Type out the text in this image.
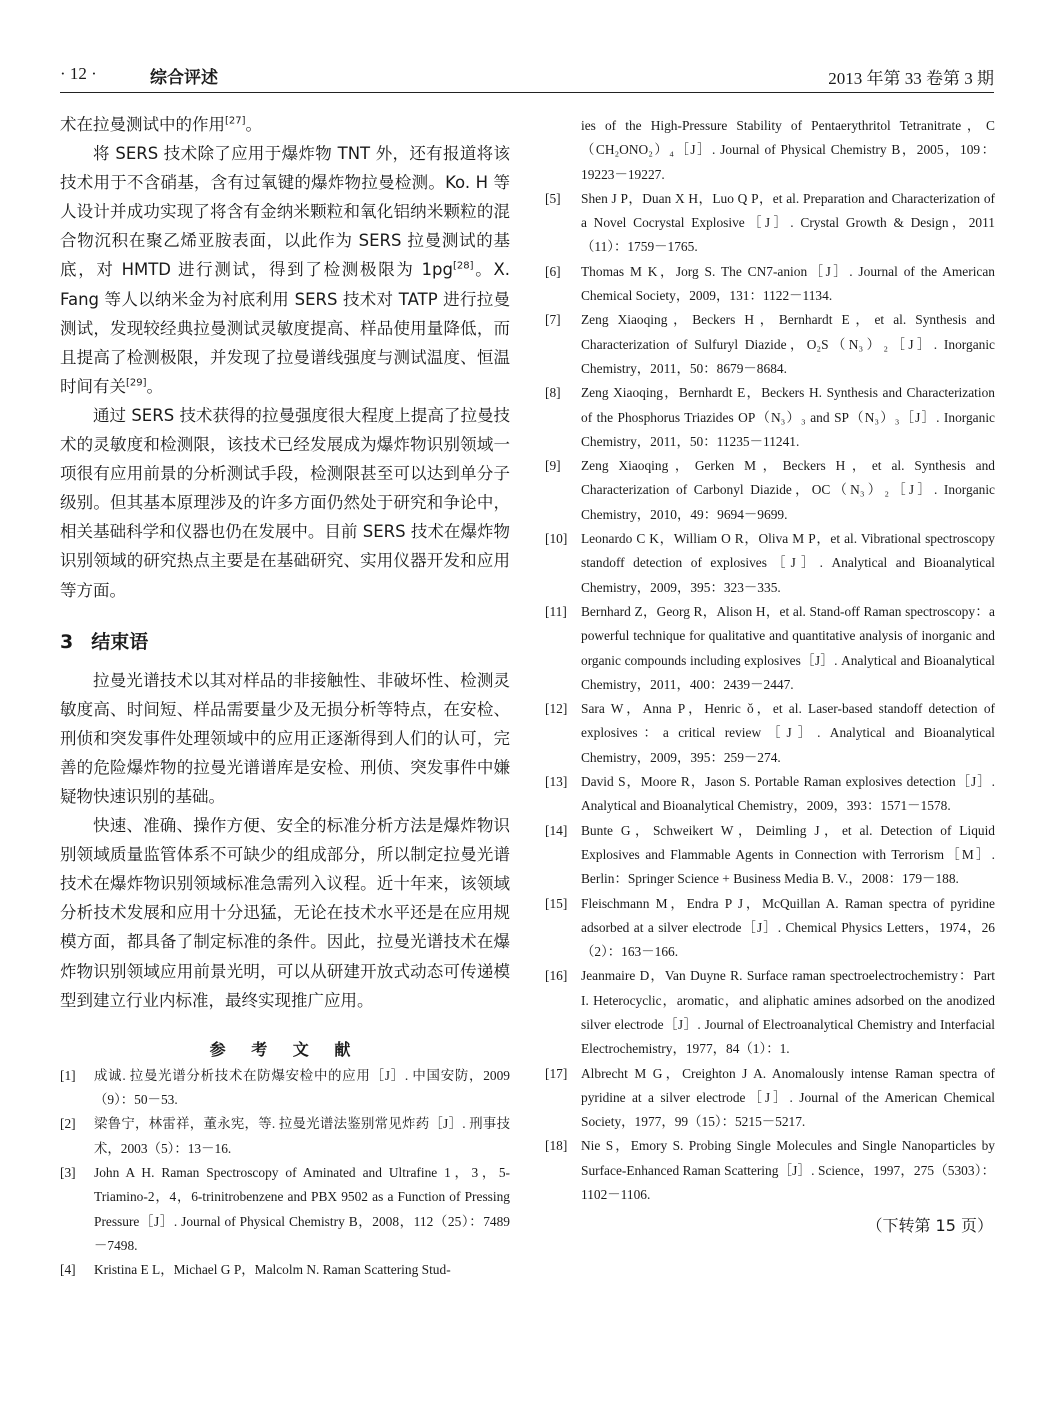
· 12 ·	综合评述	2013 年第 33 卷第 3 期

术在拉曼测试中的作用[27]。

将 SERS 技术除了应用于爆炸物 TNT 外，还有报道将该技术用于不含硝基，含有过氧键的爆炸物拉曼检测。Ko. H 等人设计并成功实现了将含有金纳米颗粒和氧化铝纳米颗粒的混合物沉积在聚乙烯亚胺表面，以此作为 SERS 拉曼测试的基底，对 HMTD 进行测试，得到了检测极限为 1pg[28]。X. Fang 等人以纳米金为衬底利用 SERS 技术对 TATP 进行拉曼测试，发现较经典拉曼测试灵敏度提高、样品使用量降低，而且提高了检测极限，并发现了拉曼谱线强度与测试温度、恒温时间有关[29]。

通过 SERS 技术获得的拉曼强度很大程度上提高了拉曼技术的灵敏度和检测限，该技术已经发展成为爆炸物识别领域一项很有应用前景的分析测试手段，检测限甚至可以达到单分子级别。但其基本原理涉及的许多方面仍然处于研究和争论中，相关基础科学和仪器也仍在发展中。目前 SERS 技术在爆炸物识别领域的研究热点主要是在基础研究、实用仪器开发和应用等方面。

3 结束语

拉曼光谱技术以其对样品的非接触性、非破坏性、检测灵敏度高、时间短、样品需要量少及无损分析等特点，在安检、刑侦和突发事件处理领域中的应用正逐渐得到人们的认可，完善的危险爆炸物的拉曼光谱谱库是安检、刑侦、突发事件中嫌疑物快速识别的基础。

快速、准确、操作方便、安全的标准分析方法是爆炸物识别领域质量监管体系不可缺少的组成部分，所以制定拉曼光谱技术在爆炸物识别领域标准急需列入议程。近十年来，该领域分析技术发展和应用十分迅猛，无论在技术水平还是在应用规模方面，都具备了制定标准的条件。因此，拉曼光谱技术在爆炸物识别领域应用前景光明，可以从研建开放式动态可传递模型到建立行业内标准，最终实现推广应用。

参 考 文 献
[1] 成诚. 拉曼光谱分析技术在防爆安检中的应用［J］. 中国安防，2009（9）：50－53.
[2] 梁鲁宁，林雷祥，董永宪，等. 拉曼光谱法鉴别常见炸药［J］. 刑事技术，2003（5）：13－16.
[3] John A H. Raman Spectroscopy of Aminated and Ultrafine 1，3，5-Triamino-2，4，6-trinitrobenzene and PBX 9502 as a Function of Pressing Pressure［J］. Journal of Physical Chemistry B，2008，112（25）：7489－7498.
[4] Kristina E L，Michael G P，Malcolm N. Raman Scattering Stud-
ies of the High-Pressure Stability of Pentaerythritol Tetranitrate，C（CH₂ONO₂）₄［J］. Journal of Physical Chemistry B，2005，109：19223－19227.
[5] Shen J P，Duan X H，Luo Q P，et al. Preparation and Characterization of a Novel Cocrystal Explosive［J］. Crystal Growth & Design，2011（11）：1759－1765.
[6] Thomas M K，Jorg S. The CN7-anion［J］. Journal of the American Chemical Society，2009，131：1122－1134.
[7] Zeng Xiaoqing，Beckers H，Bernhardt E，et al. Synthesis and Characterization of Sulfuryl Diazide，O₂S（N₃）₂［J］. Inorganic Chemistry，2011，50：8679－8684.
[8] Zeng Xiaoqing，Bernhardt E，Beckers H. Synthesis and Characterization of the Phosphorus Triazides OP（N₃）₃ and SP（N₃）₃［J］. Inorganic Chemistry，2011，50：11235－11241.
[9] Zeng Xiaoqing，Gerken M，Beckers H，et al. Synthesis and Characterization of Carbonyl Diazide，OC（N₃）₂［J］. Inorganic Chemistry，2010，49：9694－9699.
[10] Leonardo C K，William O R，Oliva M P，et al. Vibrational spectroscopy standoff detection of explosives［J］. Analytical and Bioanalytical Chemistry，2009，395：323－335.
[11] Bernhard Z，Georg R，Alison H，et al. Stand-off Raman spectroscopy：a powerful technique for qualitative and quantitative analysis of inorganic and organic compounds including explosives［J］. Analytical and Bioanalytical Chemistry，2011，400：2439－2447.
[12] Sara W，Anna P，Henric ǒ，et al. Laser-based standoff detection of explosives：a critical review［J］. Analytical and Bioanalytical Chemistry，2009，395：259－274.
[13] David S，Moore R，Jason S. Portable Raman explosives detection［J］. Analytical and Bioanalytical Chemistry，2009，393：1571－1578.
[14] Bunte G，Schweikert W，Deimling J，et al. Detection of Liquid Explosives and Flammable Agents in Connection with Terrorism［M］. Berlin：Springer Science + Business Media B. V.，2008：179－188.
[15] Fleischmann M，Endra P J，McQuillan A. Raman spectra of pyridine adsorbed at a silver electrode［J］. Chemical Physics Letters，1974，26（2）：163－166.
[16] Jeanmaire D，Van Duyne R. Surface raman spectroelectrochemistry：Part I. Heterocyclic，aromatic，and aliphatic amines adsorbed on the anodized silver electrode［J］. Journal of Electroanalytical Chemistry and Interfacial Electrochemistry，1977，84（1）：1.
[17] Albrecht M G，Creighton J A. Anomalously intense Raman spectra of pyridine at a silver electrode［J］. Journal of the American Chemical Society，1977，99（15）：5215－5217.
[18] Nie S，Emory S. Probing Single Molecules and Single Nanoparticles by Surface-Enhanced Raman Scattering［J］. Science，1997，275（5303）：1102－1106.
（下转第 15 页）
